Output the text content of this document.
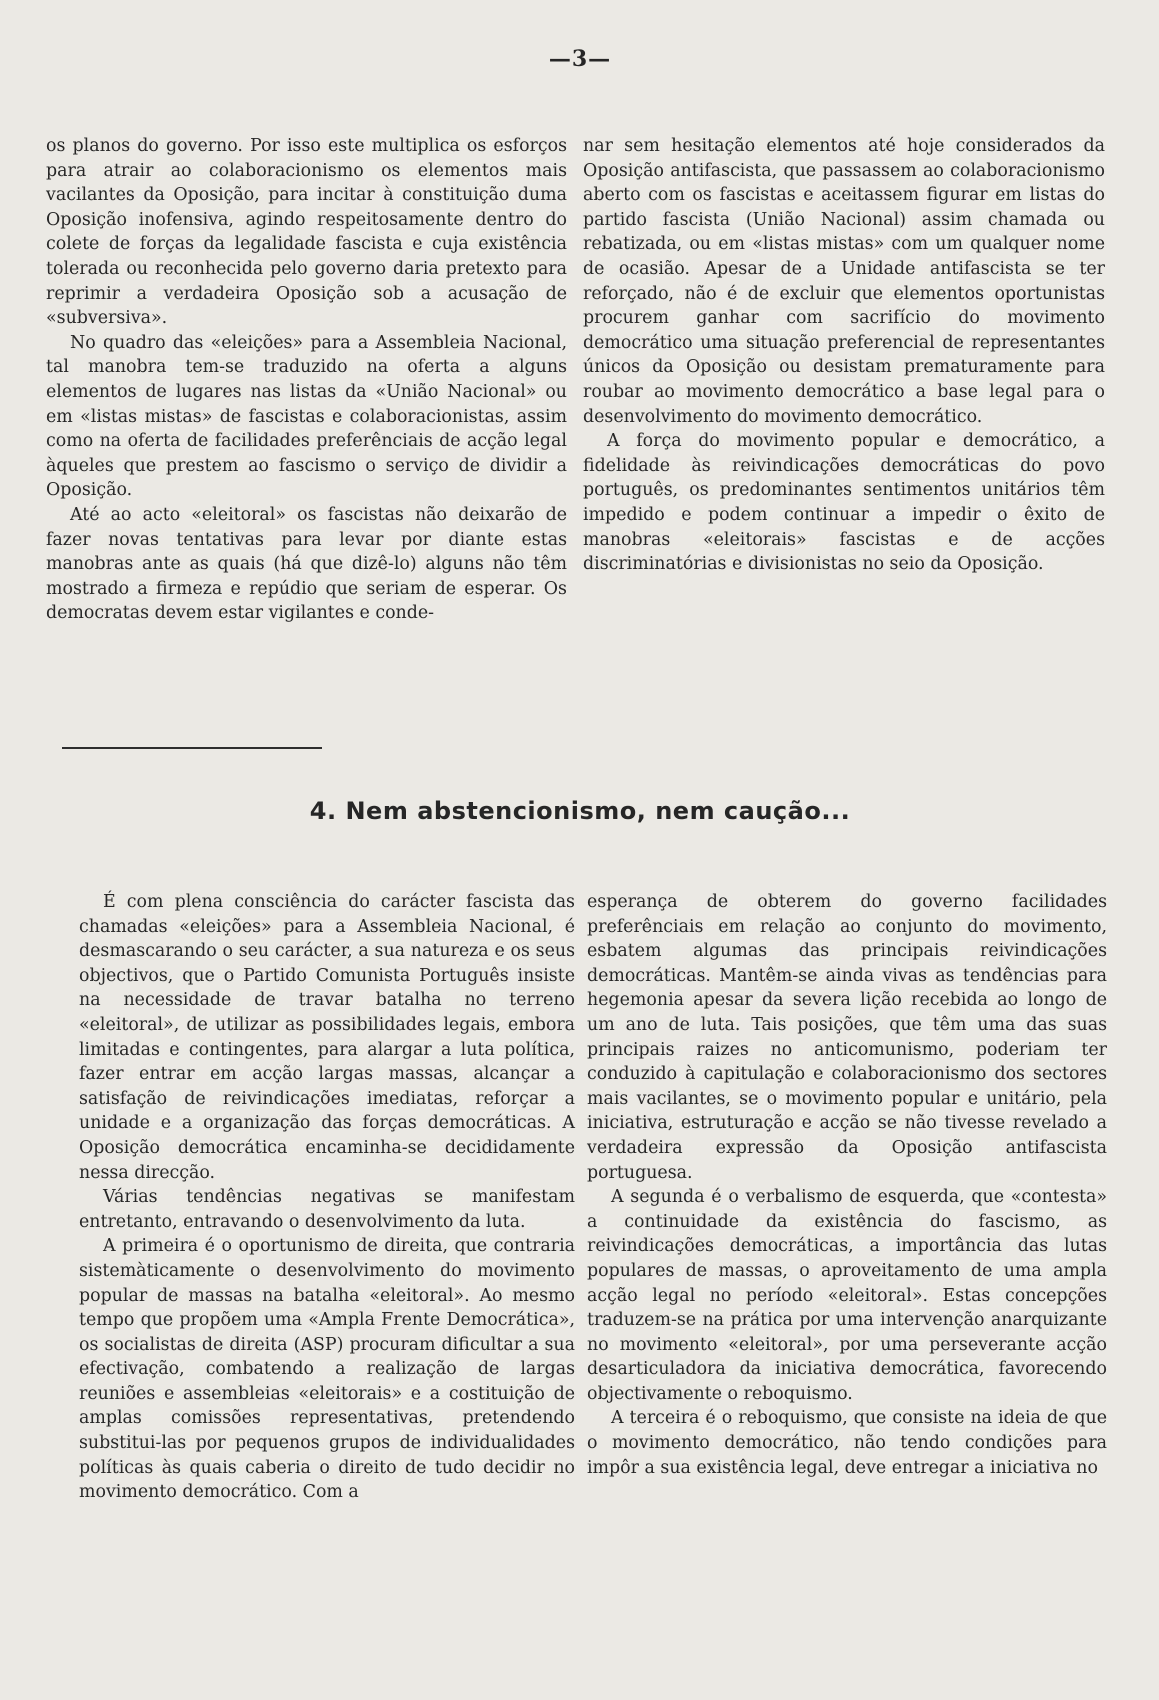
—3—

os planos do governo. Por isso este multiplica os esforços para atrair ao colaboracionismo os elementos mais vacilantes da Oposição, para incitar à constituição duma Oposição inofensiva, agindo respeitosamente dentro do colete de forças da legalidade fascista e cuja existência tolerada ou reconhecida pelo governo daria pretexto para reprimir a verdadeira Oposição sob a acusação de «subversiva».

No quadro das «eleições» para a Assembleia Nacional, tal manobra tem-se traduzido na oferta a alguns elementos de lugares nas listas da «União Nacional» ou em «listas mistas» de fascistas e colaboracionistas, assim como na oferta de facilidades preferênciais de acção legal àqueles que prestem ao fascismo o serviço de dividir a Oposição.

Até ao acto «eleitoral» os fascistas não deixarão de fazer novas tentativas para levar por diante estas manobras ante as quais (há que dizê-lo) alguns não têm mostrado a firmeza e repúdio que seriam de esperar. Os democratas devem estar vigilantes e conde-

nar sem hesitação elementos até hoje considerados da Oposição antifascista, que passassem ao colaboracionismo aberto com os fascistas e aceitassem figurar em listas do partido fascista (União Nacional) assim chamada ou rebatizada, ou em «listas mistas» com um qualquer nome de ocasião. Apesar de a Unidade antifascista se ter reforçado, não é de excluir que elementos oportunistas procurem ganhar com sacrifício do movimento democrático uma situação preferencial de representantes únicos da Oposição ou desistam prematuramente para roubar ao movimento democrático a base legal para o desenvolvimento do movimento democrático.

A força do movimento popular e democrático, a fidelidade às reivindicações democráticas do povo português, os predominantes sentimentos unitários têm impedido e podem continuar a impedir o êxito de manobras «eleitorais» fascistas e de acções discriminatórias e divisionistas no seio da Oposição.

4. Nem abstencionismo, nem caução...

É com plena consciência do carácter fascista das chamadas «eleições» para a Assembleia Nacional, é desmascarando o seu carácter, a sua natureza e os seus objectivos, que o Partido Comunista Português insiste na necessidade de travar batalha no terreno «eleitoral», de utilizar as possibilidades legais, embora limitadas e contingentes, para alargar a luta política, fazer entrar em acção largas massas, alcançar a satisfação de reivindicações imediatas, reforçar a unidade e a organização das forças democráticas. A Oposição democrática encaminha-se decididamente nessa direcção.

Várias tendências negativas se manifestam entretanto, entravando o desenvolvimento da luta.

A primeira é o oportunismo de direita, que contraria sistemàticamente o desenvolvimento do movimento popular de massas na batalha «eleitoral». Ao mesmo tempo que propõem uma «Ampla Frente Democrática», os socialistas de direita (ASP) procuram dificultar a sua efectivação, combatendo a realização de largas reuniões e assembleias «eleitorais» e a costituição de amplas comissões representativas, pretendendo substitui-las por pequenos grupos de individualidades políticas às quais caberia o direito de tudo decidir no movimento democrático. Com a

esperança de obterem do governo facilidades preferênciais em relação ao conjunto do movimento, esbatem algumas das principais reivindicações democráticas. Mantêm-se ainda vivas as tendências para hegemonia apesar da severa lição recebida ao longo de um ano de luta. Tais posições, que têm uma das suas principais raizes no anticomunismo, poderiam ter conduzido à capitulação e colaboracionismo dos sectores mais vacilantes, se o movimento popular e unitário, pela iniciativa, estruturação e acção se não tivesse revelado a verdadeira expressão da Oposição antifascista portuguesa.

A segunda é o verbalismo de esquerda, que «contesta» a continuidade da existência do fascismo, as reivindicações democráticas, a importância das lutas populares de massas, o aproveitamento de uma ampla acção legal no período «eleitoral». Estas concepções traduzem-se na prática por uma intervenção anarquizante no movimento «eleitoral», por uma perseverante acção desarticuladora da iniciativa democrática, favorecendo objectivamente o reboquismo.

A terceira é o reboquismo, que consiste na ideia de que o movimento democrático, não tendo condições para impôr a sua existência legal, deve entregar a iniciativa no
